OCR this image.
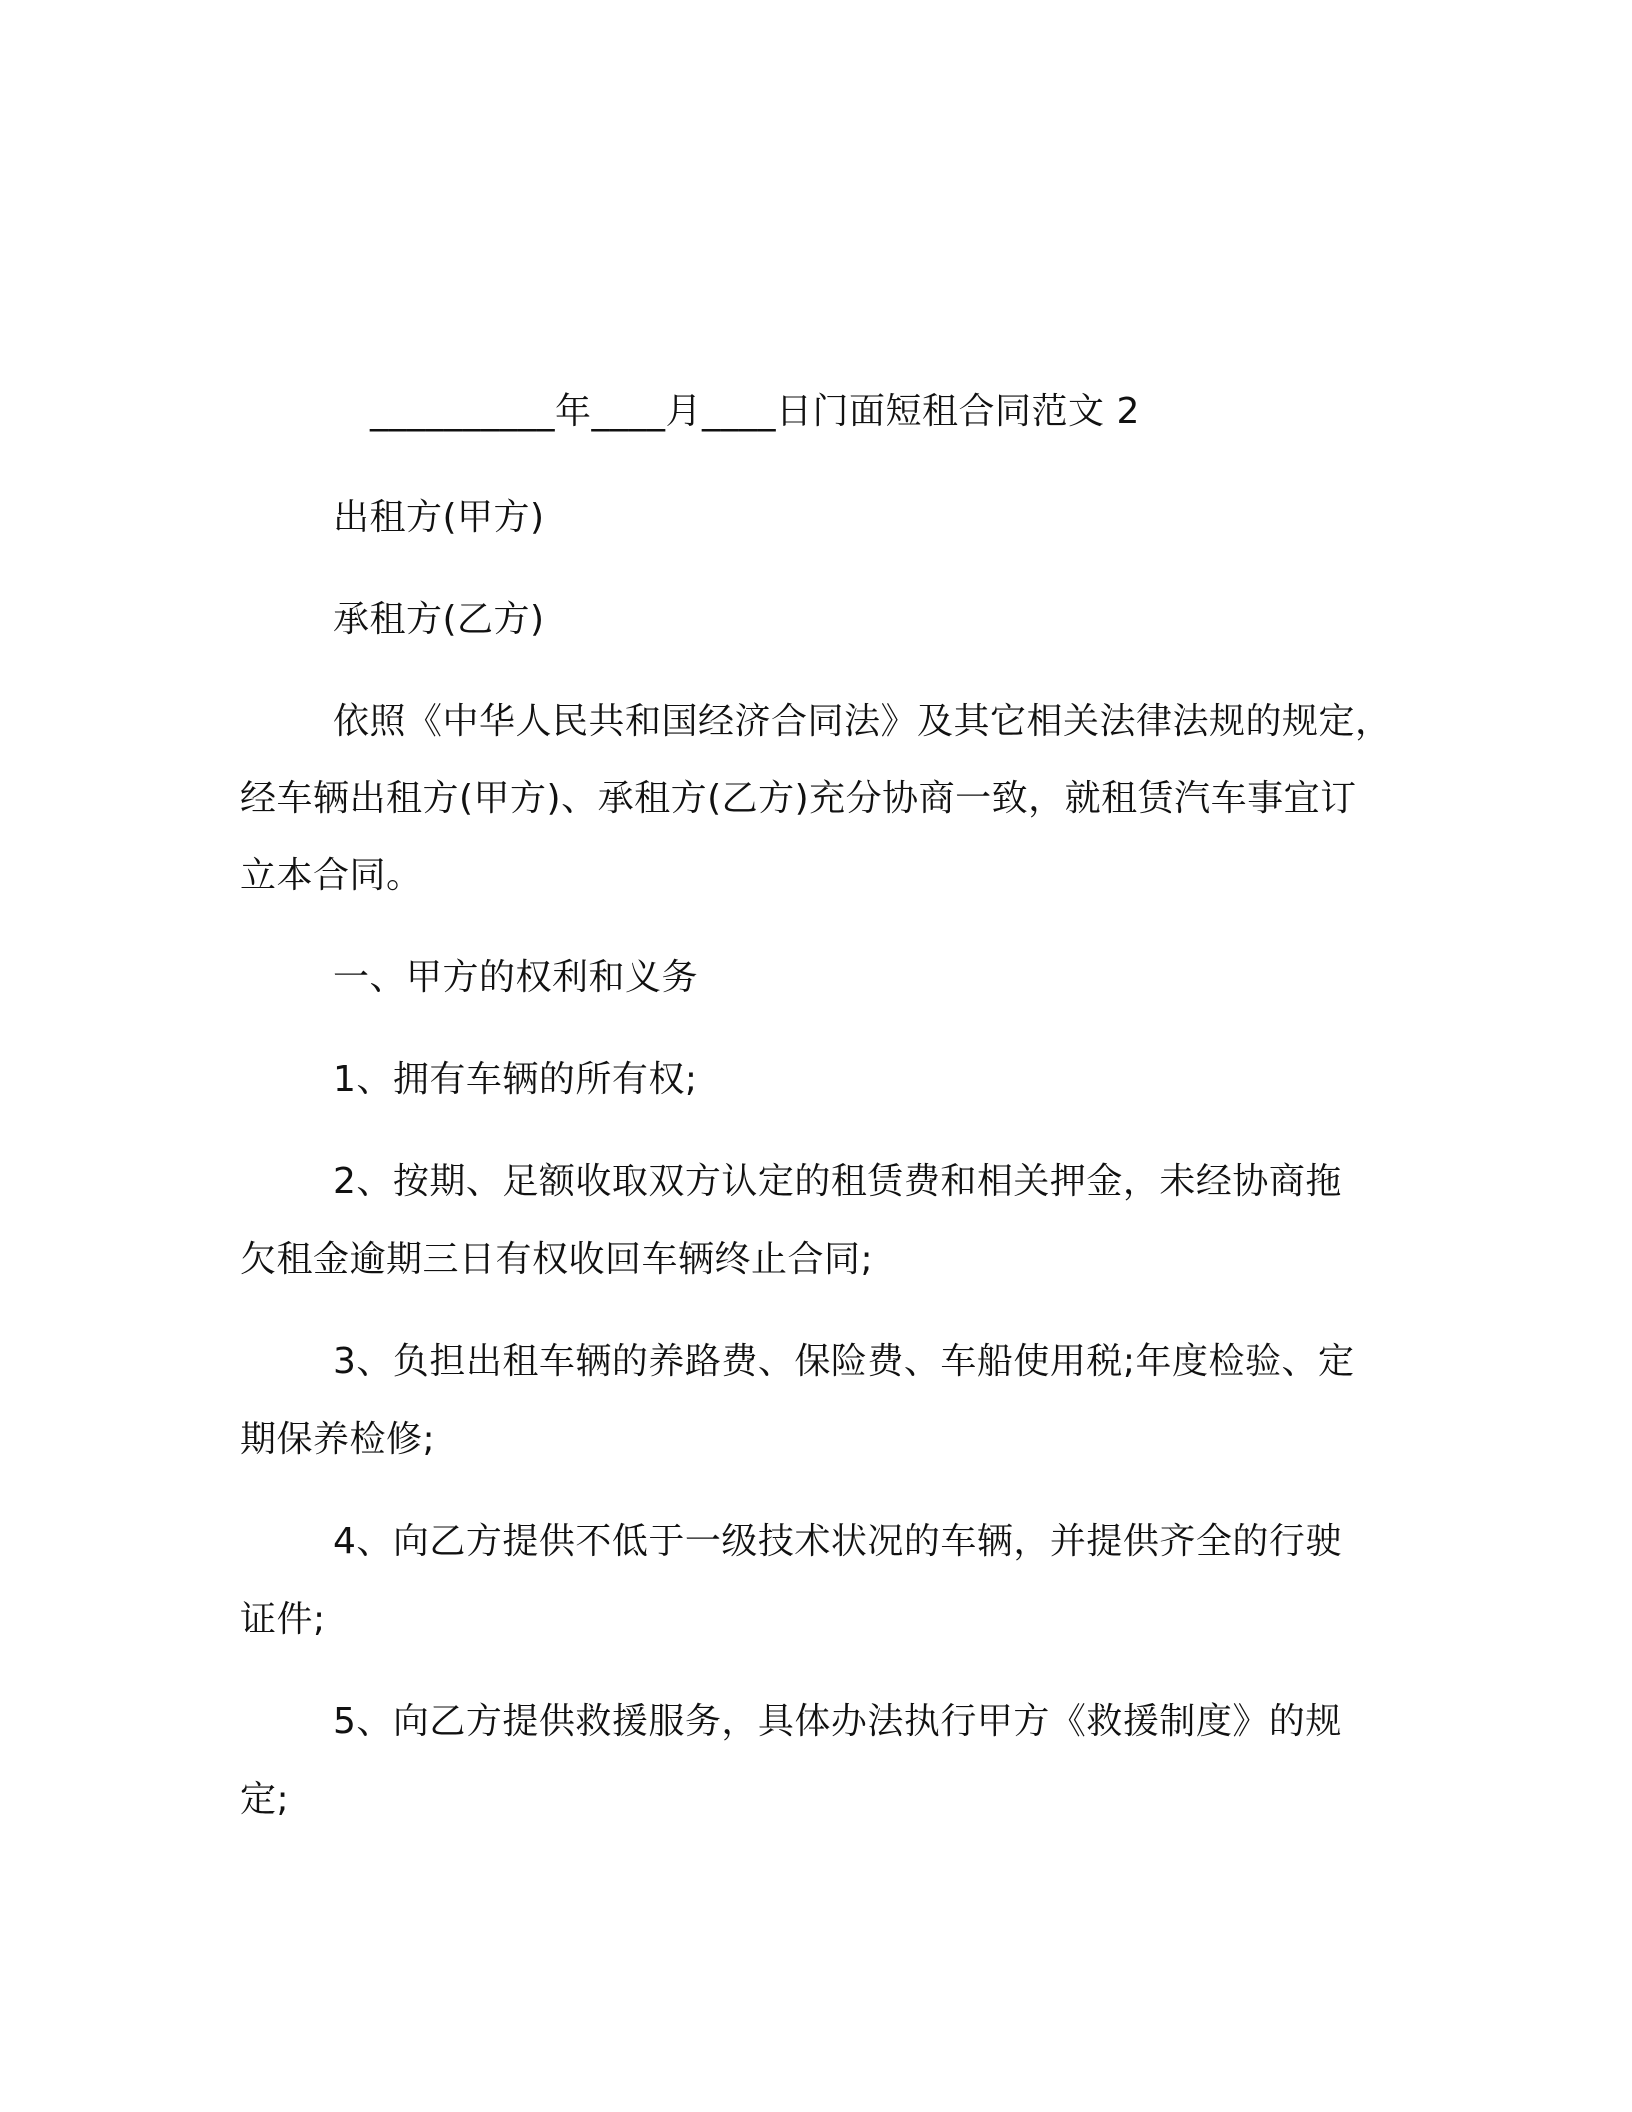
__________年____月____日门面短租合同范文 2
出租方(甲方)
承租方(乙方)
依照《中华人民共和国经济合同法》及其它相关法律法规的规定，
经车辆出租方(甲方)、承租方(乙方)充分协商一致，就租赁汽车事宜订
立本合同。
一、甲方的权利和义务
1、拥有车辆的所有权;
2、按期、足额收取双方认定的租赁费和相关押金，未经协商拖
欠租金逾期三日有权收回车辆终止合同;
3、负担出租车辆的养路费、保险费、车船使用税;年度检验、定
期保养检修;
4、向乙方提供不低于一级技术状况的车辆，并提供齐全的行驶
证件;
5、向乙方提供救援服务，具体办法执行甲方《救援制度》的规
定;
